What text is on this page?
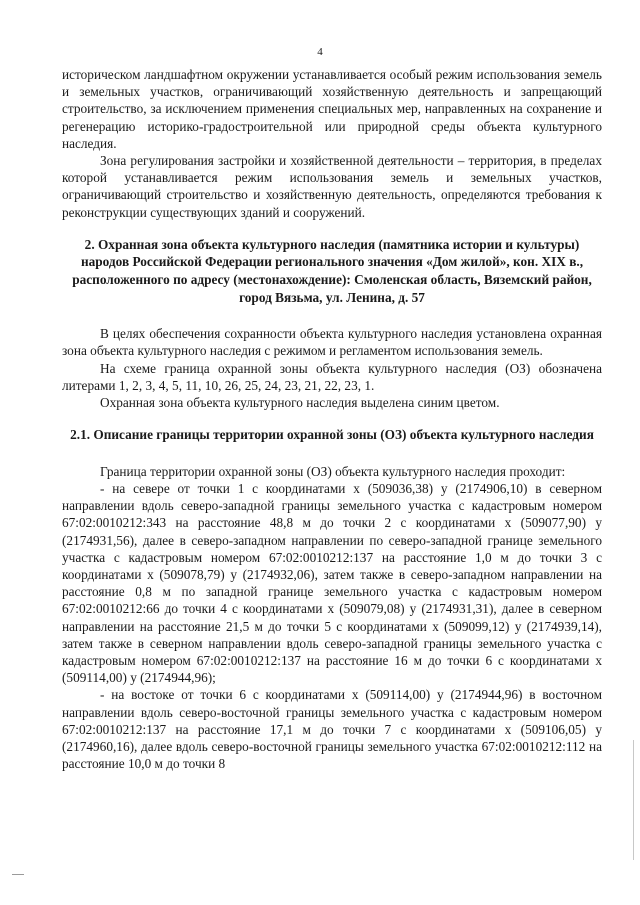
4

историческом ландшафтном окружении устанавливается особый режим использования земель и земельных участков, ограничивающий хозяйственную деятельность и запрещающий строительство, за исключением применения специальных мер, направленных на сохранение и регенерацию историко-градостроительной или природной среды объекта культурного наследия.

Зона регулирования застройки и хозяйственной деятельности – территория, в пределах которой устанавливается режим использования земель и земельных участков, ограничивающий строительство и хозяйственную деятельность, определяются требования к реконструкции существующих зданий и сооружений.

2. Охранная зона объекта культурного наследия (памятника истории и культуры) народов Российской Федерации регионального значения «Дом жилой», кон. XIX в., расположенного по адресу (местонахождение): Смоленская область, Вяземский район, город Вязьма, ул. Ленина, д. 57

В целях обеспечения сохранности объекта культурного наследия установлена охранная зона объекта культурного наследия с режимом и регламентом использования земель.

На схеме граница охранной зоны объекта культурного наследия (ОЗ) обозначена литерами 1, 2, 3, 4, 5, 11, 10, 26, 25, 24, 23, 21, 22, 23, 1.

Охранная зона объекта культурного наследия выделена синим цветом.

2.1. Описание границы территории охранной зоны (ОЗ) объекта культурного наследия

Граница территории охранной зоны (ОЗ) объекта культурного наследия проходит:

- на севере от точки 1 с координатами х (509036,38) у (2174906,10) в северном направлении вдоль северо-западной границы земельного участка с кадастровым номером 67:02:0010212:343 на расстояние 48,8 м до точки 2 с координатами х (509077,90) у (2174931,56), далее в северо-западном направлении по северо-западной границе земельного участка с кадастровым номером 67:02:0010212:137 на расстояние 1,0 м до точки 3 с координатами х (509078,79) у (2174932,06), затем также в северо-западном направлении на расстояние 0,8 м по западной границе земельного участка с кадастровым номером 67:02:0010212:66 до точки 4 с координатами х (509079,08) у (2174931,31), далее в северном направлении на расстояние 21,5 м до точки 5 с координатами х (509099,12) у (2174939,14), затем также в северном направлении вдоль северо-западной границы земельного участка с кадастровым номером 67:02:0010212:137 на расстояние 16 м до точки 6 с координатами х (509114,00) у (2174944,96);

- на востоке от точки 6 с координатами х (509114,00) у (2174944,96) в восточном направлении вдоль северо-восточной границы земельного участка с кадастровым номером 67:02:0010212:137 на расстояние 17,1 м до точки 7 с координатами х (509106,05) у (2174960,16), далее вдоль северо-восточной границы земельного участка 67:02:0010212:112 на расстояние 10,0 м до точки 8
